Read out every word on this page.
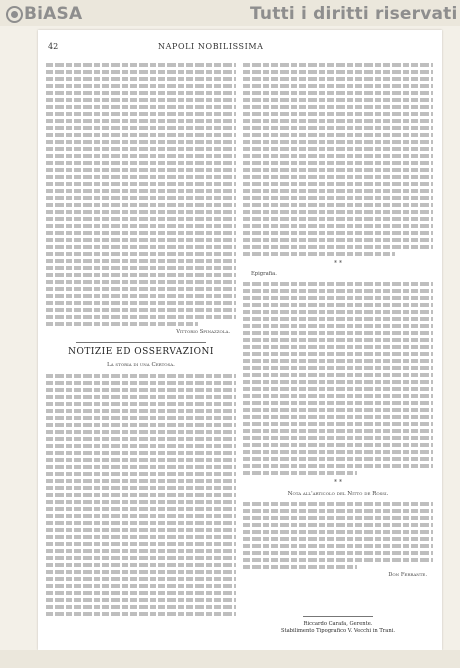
BiASA	Tutti i diritti riservati
42	NAPOLI NOBILISSIMA
Vittorio Spinazzola.
NOTIZIE ED OSSERVAZIONI
La storia di una Certosa.
* *
Epigrafia.
* *
Nota all'articolo del Nitto de Rossi.
Don Ferrante.
Riccardo Carafa, Gerente.
Stabilimento Tipografico V. Vecchi in Trani.
